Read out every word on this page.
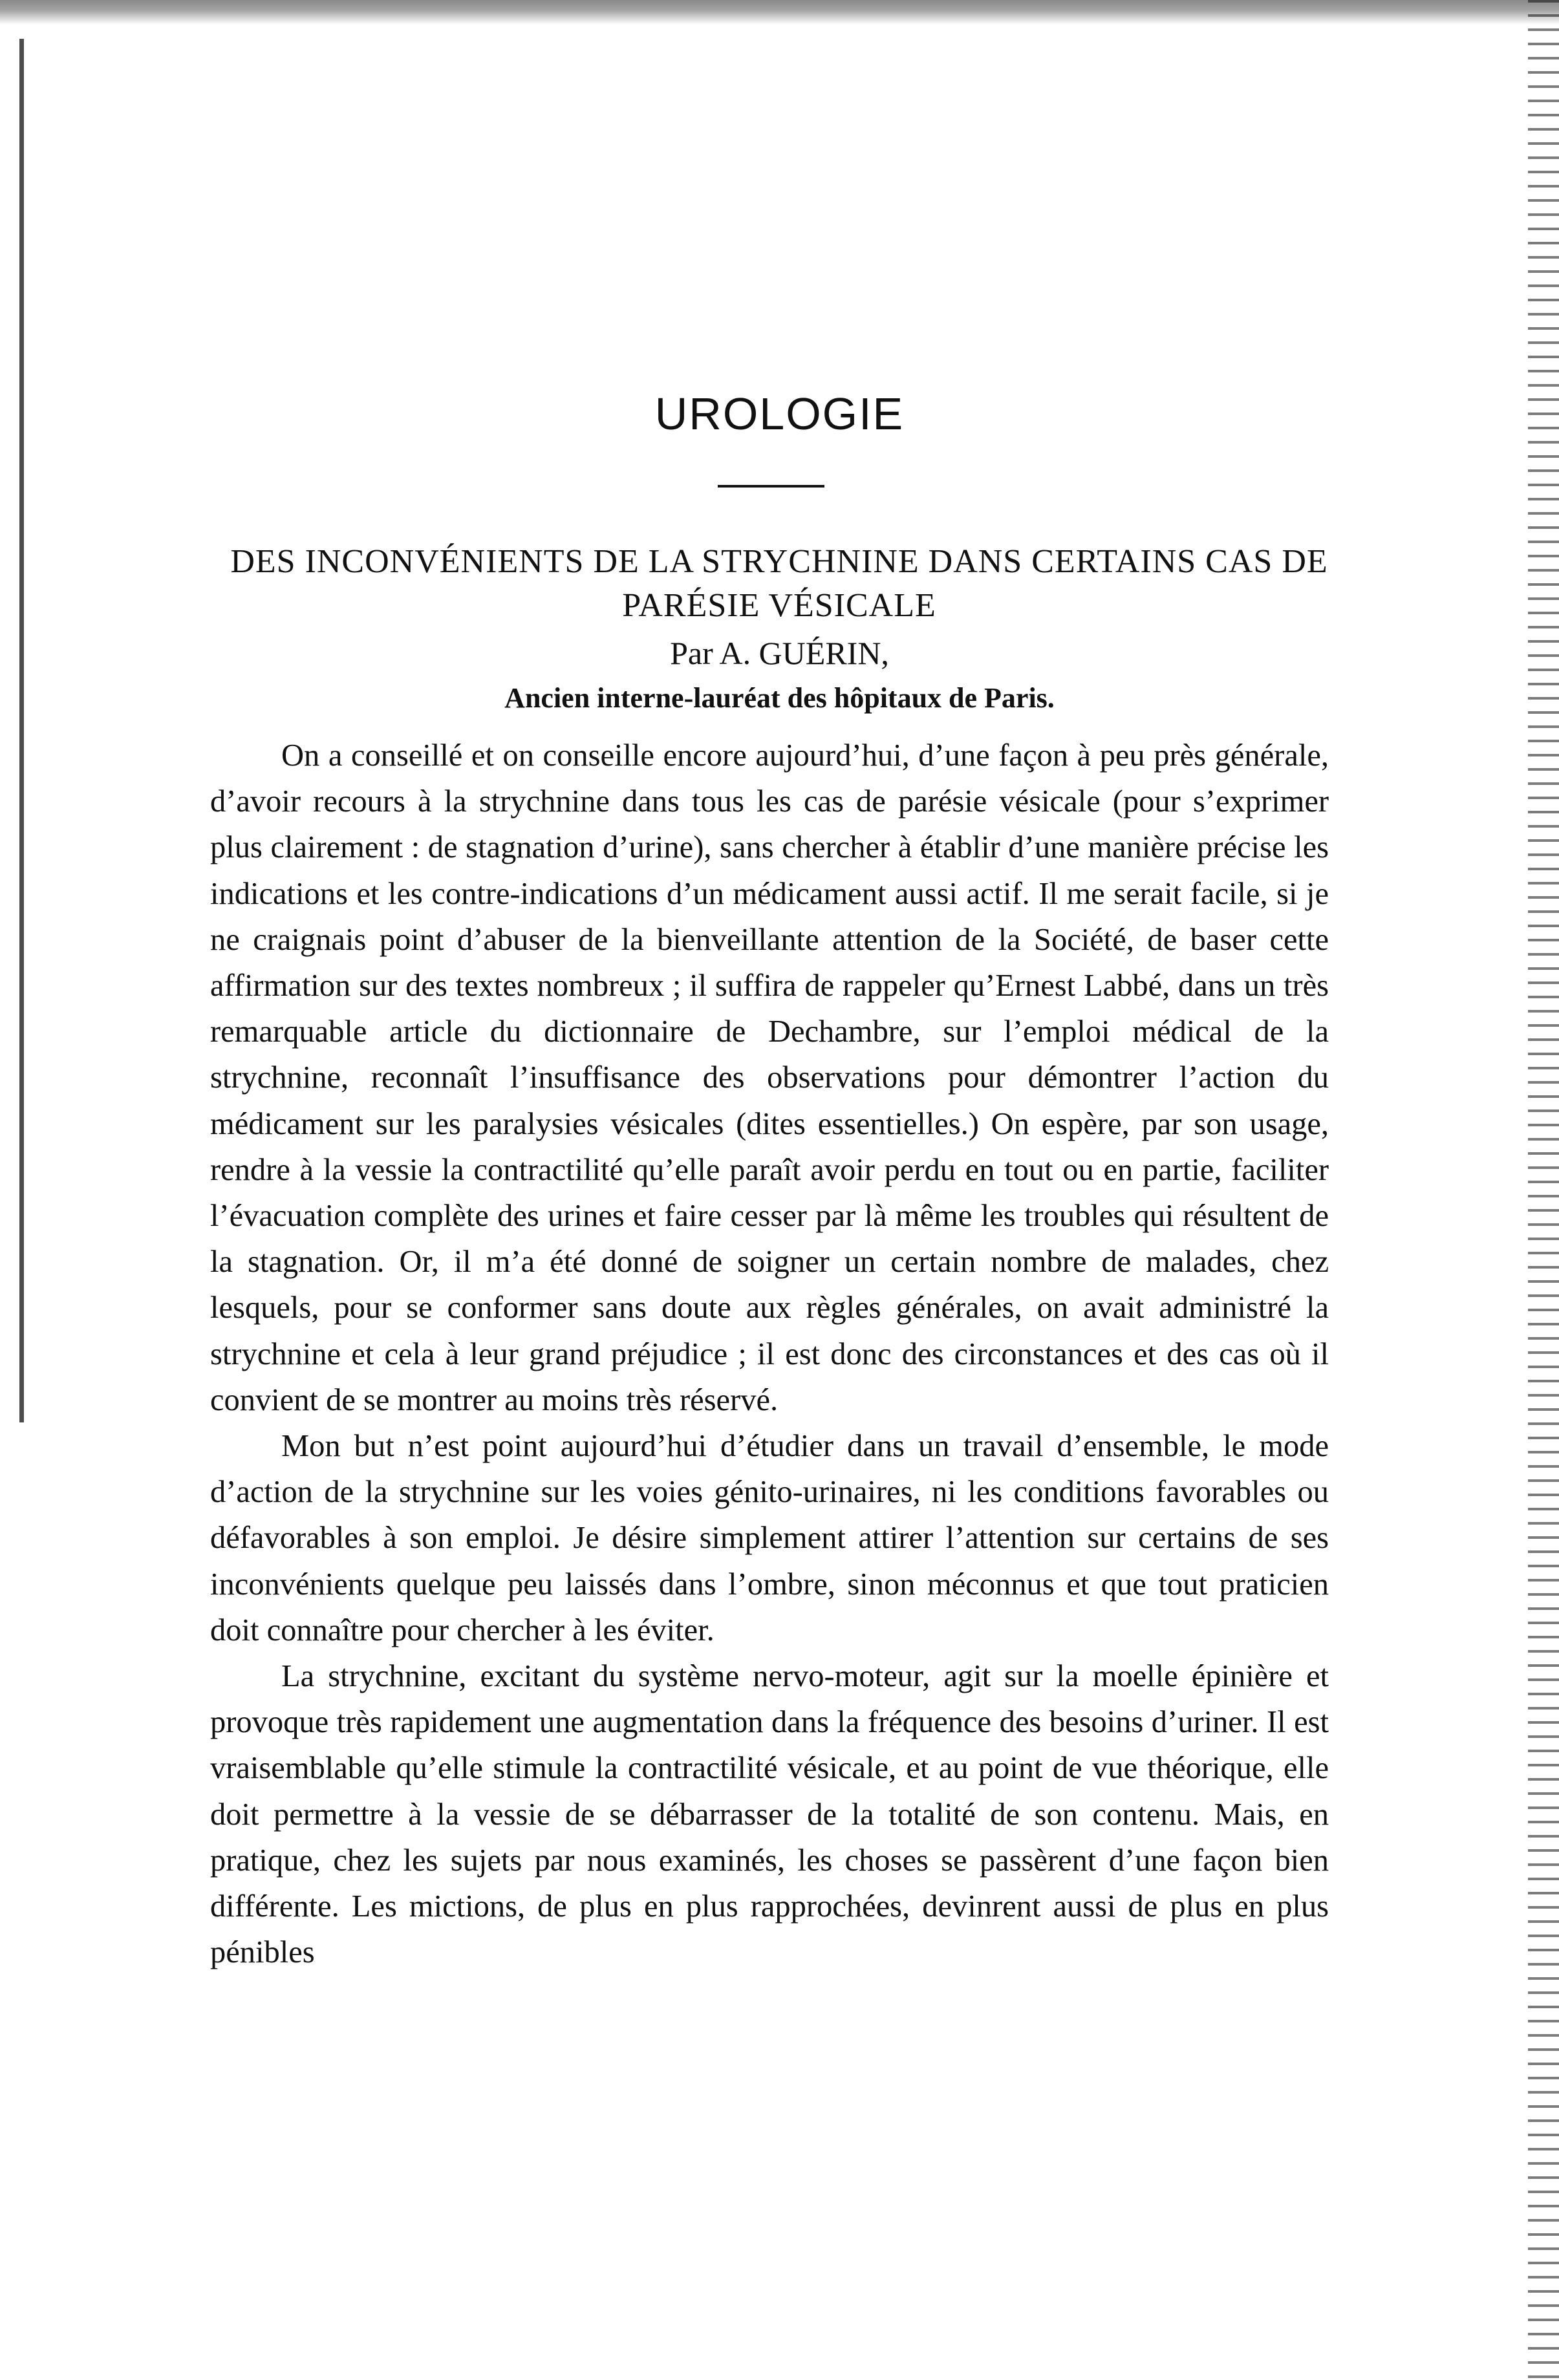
UROLOGIE
DES INCONVÉNIENTS DE LA STRYCHNINE DANS CERTAINS CAS DE PARÉSIE VÉSICALE
Par A. GUÉRIN,
Ancien interne-lauréat des hôpitaux de Paris.

On a conseillé et on conseille encore aujourd’hui, d’une façon à peu près générale, d’avoir recours à la strychnine dans tous les cas de parésie vésicale (pour s’exprimer plus clairement : de stagnation d’urine), sans chercher à établir d’une manière précise les indications et les contre-indications d’un médicament aussi actif. Il me serait facile, si je ne craignais point d’abuser de la bienveillante attention de la Société, de baser cette affirmation sur des textes nombreux ; il suffira de rappeler qu’Ernest Labbé, dans un très remarquable article du dictionnaire de Dechambre, sur l’emploi médical de la strychnine, reconnaît l’insuffisance des observations pour démontrer l’action du médicament sur les paralysies vésicales (dites essentielles.) On espère, par son usage, rendre à la vessie la contractilité qu’elle paraît avoir perdu en tout ou en partie, faciliter l’évacuation complète des urines et faire cesser par là même les troubles qui résultent de la stagnation. Or, il m’a été donné de soigner un certain nombre de malades, chez lesquels, pour se conformer sans doute aux règles générales, on avait administré la strychnine et cela à leur grand préjudice ; il est donc des circonstances et des cas où il convient de se montrer au moins très réservé.

Mon but n’est point aujourd’hui d’étudier dans un travail d’ensemble, le mode d’action de la strychnine sur les voies génito-urinaires, ni les conditions favorables ou défavorables à son emploi. Je désire simplement attirer l’attention sur certains de ses inconvénients quelque peu laissés dans l’ombre, sinon méconnus et que tout praticien doit connaître pour chercher à les éviter.

La strychnine, excitant du système nervo-moteur, agit sur la moelle épinière et provoque très rapidement une augmentation dans la fréquence des besoins d’uriner. Il est vraisemblable qu’elle stimule la contractilité vésicale, et au point de vue théorique, elle doit permettre à la vessie de se débarrasser de la totalité de son contenu. Mais, en pratique, chez les sujets par nous examinés, les choses se passèrent d’une façon bien différente. Les mictions, de plus en plus rapprochées, devinrent aussi de plus en plus pénibles
